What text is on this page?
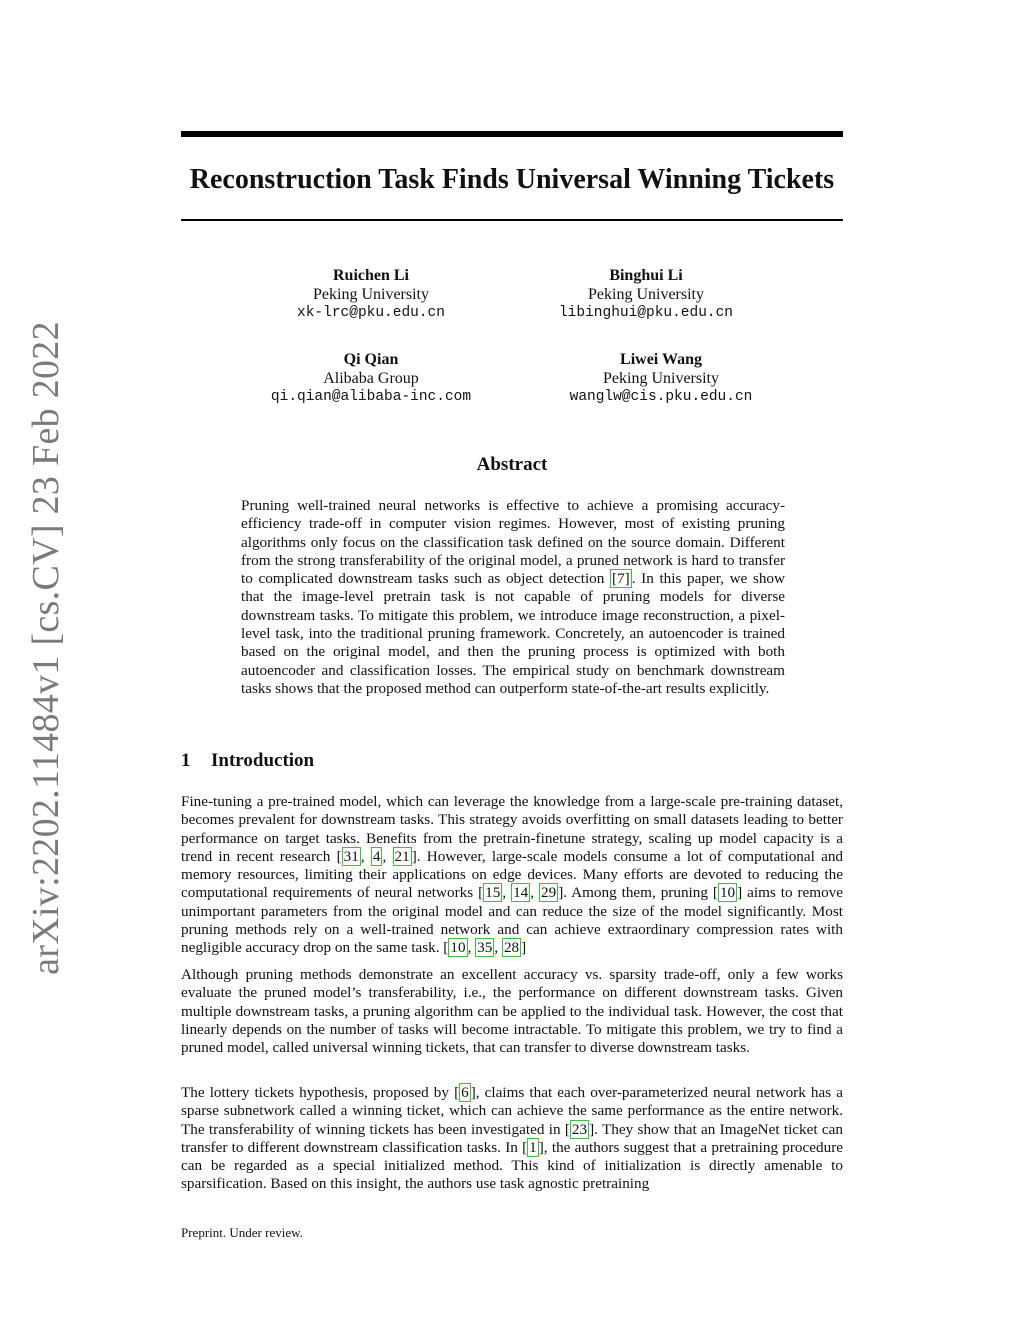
arXiv:2202.11484v1 [cs.CV] 23 Feb 2022
Reconstruction Task Finds Universal Winning Tickets
Ruichen Li
Peking University
xk-lrc@pku.edu.cn
Binghui Li
Peking University
libinghui@pku.edu.cn
Qi Qian
Alibaba Group
qi.qian@alibaba-inc.com
Liwei Wang
Peking University
wanglw@cis.pku.edu.cn
Abstract
Pruning well-trained neural networks is effective to achieve a promising accuracy-efficiency trade-off in computer vision regimes. However, most of existing pruning algorithms only focus on the classification task defined on the source domain. Different from the strong transferability of the original model, a pruned network is hard to transfer to complicated downstream tasks such as object detection [7] . In this paper, we show that the image-level pretrain task is not capable of pruning models for diverse downstream tasks. To mitigate this problem, we introduce image reconstruction, a pixel-level task, into the traditional pruning framework. Concretely, an autoencoder is trained based on the original model, and then the pruning process is optimized with both autoencoder and classification losses. The empirical study on benchmark downstream tasks shows that the proposed method can outperform state-of-the-art results explicitly.
1 Introduction

Fine-tuning a pre-trained model, which can leverage the knowledge from a large-scale pre-training dataset, becomes prevalent for downstream tasks. This strategy avoids overfitting on small datasets leading to better performance on target tasks. Benefits from the pretrain-finetune strategy, scaling up model capacity is a trend in recent research [ 31 , 4 , 21 ]. However, large-scale models consume a lot of computational and memory resources, limiting their applications on edge devices. Many efforts are devoted to reducing the computational requirements of neural networks [ 15 , 14 , 29 ]. Among them, pruning [ 10 ] aims to remove unimportant parameters from the original model and can reduce the size of the model significantly. Most pruning methods rely on a well-trained network and can achieve extraordinary compression rates with negligible accuracy drop on the same task. [ 10 , 35 , 28 ]

Although pruning methods demonstrate an excellent accuracy vs. sparsity trade-off, only a few works evaluate the pruned model’s transferability, i.e., the performance on different downstream tasks. Given multiple downstream tasks, a pruning algorithm can be applied to the individual task. However, the cost that linearly depends on the number of tasks will become intractable. To mitigate this problem, we try to find a pruned model, called universal winning tickets, that can transfer to diverse downstream tasks.

The lottery tickets hypothesis, proposed by [ 6 ], claims that each over-parameterized neural network has a sparse subnetwork called a winning ticket, which can achieve the same performance as the entire network. The transferability of winning tickets has been investigated in [ 23 ]. They show that an ImageNet ticket can transfer to different downstream classification tasks. In [ 1 ], the authors suggest that a pretraining procedure can be regarded as a special initialized method. This kind of initialization is directly amenable to sparsification. Based on this insight, the authors use task agnostic pretraining

Preprint. Under review.
